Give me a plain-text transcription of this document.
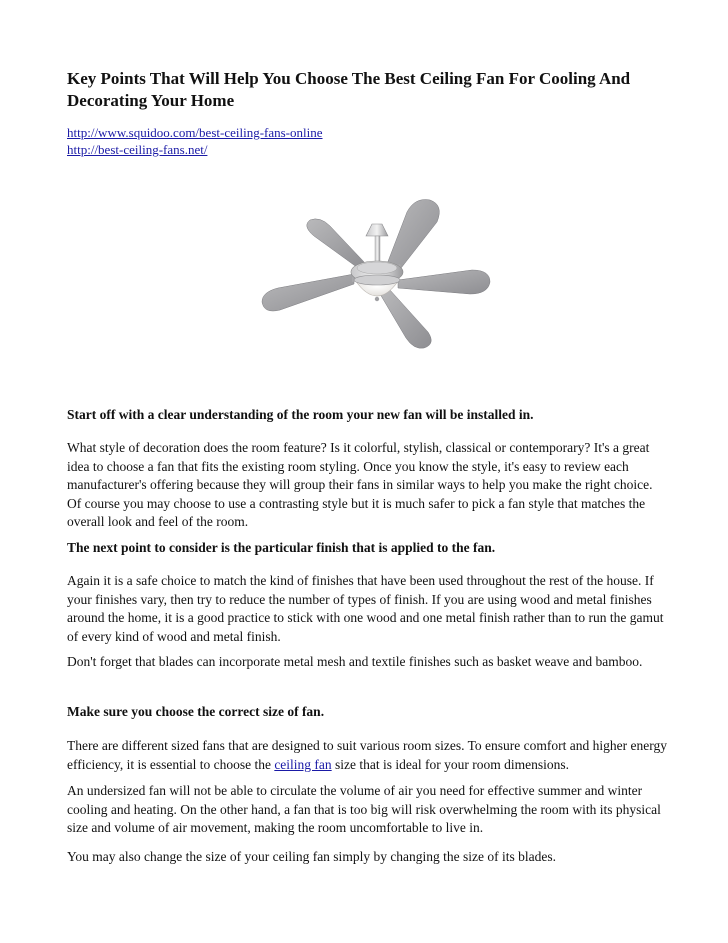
Key Points That Will Help You Choose The Best Ceiling Fan For Cooling And Decorating Your Home
http://www.squidoo.com/best-ceiling-fans-online
http://best-ceiling-fans.net/

Start off with a clear understanding of the room your new fan will be installed in.

What style of decoration does the room feature? Is it colorful, stylish, classical or contemporary? It's a great idea to choose a fan that fits the existing room styling. Once you know the style, it's easy to review each manufacturer's offering because they will group their fans in similar ways to help you make the right choice. Of course you may choose to use a contrasting style but it is much safer to pick a fan style that matches the overall look and feel of the room.

The next point to consider is the particular finish that is applied to the fan.

Again it is a safe choice to match the kind of finishes that have been used throughout the rest of the house. If your finishes vary, then try to reduce the number of types of finish. If you are using wood and metal finishes around the home, it is a good practice to stick with one wood and one metal finish rather than to run the gamut of every kind of wood and metal finish.

Don't forget that blades can incorporate metal mesh and textile finishes such as basket weave and bamboo.

Make sure you choose the correct size of fan.

There are different sized fans that are designed to suit various room sizes. To ensure comfort and higher energy efficiency, it is essential to choose the ceiling fan size that is ideal for your room dimensions.

An undersized fan will not be able to circulate the volume of air you need for effective summer and winter cooling and heating. On the other hand, a fan that is too big will risk overwhelming the room with its physical size and volume of air movement, making the room uncomfortable to live in.

You may also change the size of your ceiling fan simply by changing the size of its blades.
